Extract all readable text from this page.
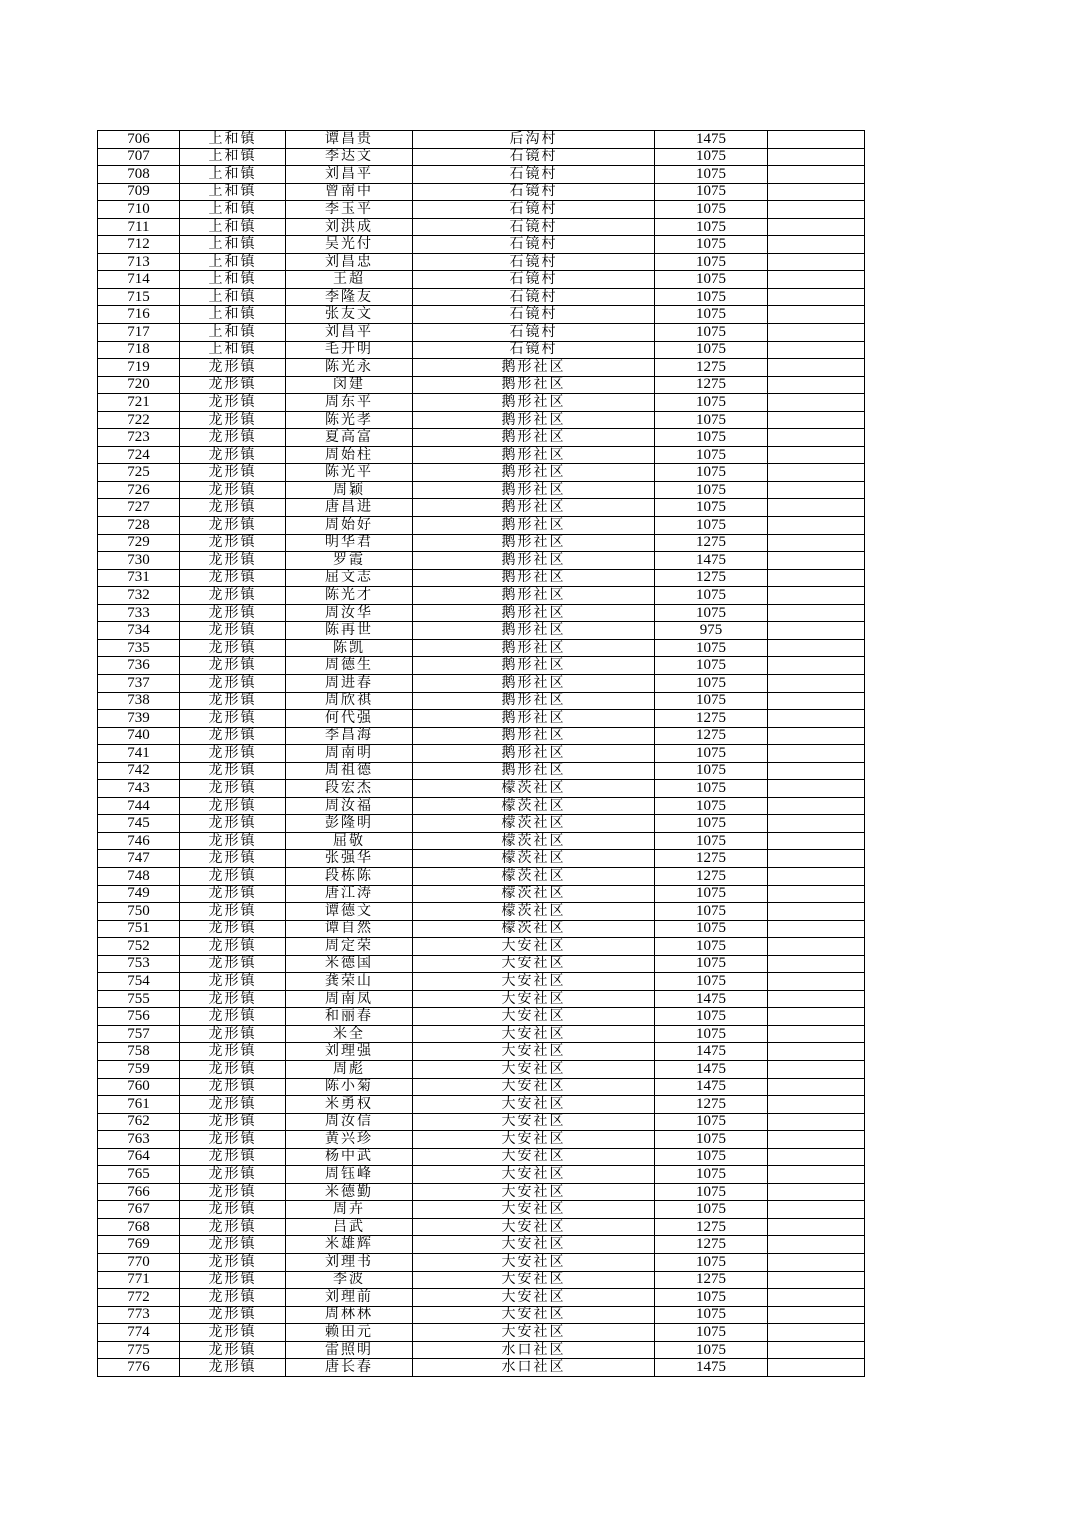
706	上和镇	谭昌贵	后沟村	1475	
707	上和镇	李达文	石镜村	1075	
708	上和镇	刘昌平	石镜村	1075	
709	上和镇	曾南中	石镜村	1075	
710	上和镇	李玉平	石镜村	1075	
711	上和镇	刘洪成	石镜村	1075	
712	上和镇	吴光付	石镜村	1075	
713	上和镇	刘昌忠	石镜村	1075	
714	上和镇	王超	石镜村	1075	
715	上和镇	李隆友	石镜村	1075	
716	上和镇	张友文	石镜村	1075	
717	上和镇	刘昌平	石镜村	1075	
718	上和镇	毛开明	石镜村	1075	
719	龙形镇	陈光永	鹅形社区	1275	
720	龙形镇	闵建	鹅形社区	1275	
721	龙形镇	周东平	鹅形社区	1075	
722	龙形镇	陈光孝	鹅形社区	1075	
723	龙形镇	夏高富	鹅形社区	1075	
724	龙形镇	周始柱	鹅形社区	1075	
725	龙形镇	陈光平	鹅形社区	1075	
726	龙形镇	周颖	鹅形社区	1075	
727	龙形镇	唐昌进	鹅形社区	1075	
728	龙形镇	周始好	鹅形社区	1075	
729	龙形镇	明华君	鹅形社区	1275	
730	龙形镇	罗霞	鹅形社区	1475	
731	龙形镇	屈文志	鹅形社区	1275	
732	龙形镇	陈光才	鹅形社区	1075	
733	龙形镇	周汝华	鹅形社区	1075	
734	龙形镇	陈再世	鹅形社区	975	
735	龙形镇	陈凯	鹅形社区	1075	
736	龙形镇	周德生	鹅形社区	1075	
737	龙形镇	周进春	鹅形社区	1075	
738	龙形镇	周欣祺	鹅形社区	1075	
739	龙形镇	何代强	鹅形社区	1275	
740	龙形镇	李昌海	鹅形社区	1275	
741	龙形镇	周南明	鹅形社区	1075	
742	龙形镇	周祖德	鹅形社区	1075	
743	龙形镇	段宏杰	檬茨社区	1075	
744	龙形镇	周汝福	檬茨社区	1075	
745	龙形镇	彭隆明	檬茨社区	1075	
746	龙形镇	屈敬	檬茨社区	1075	
747	龙形镇	张强华	檬茨社区	1275	
748	龙形镇	段栋陈	檬茨社区	1275	
749	龙形镇	唐江涛	檬茨社区	1075	
750	龙形镇	谭德文	檬茨社区	1075	
751	龙形镇	谭自然	檬茨社区	1075	
752	龙形镇	周定荣	大安社区	1075	
753	龙形镇	米德国	大安社区	1075	
754	龙形镇	龚荣山	大安社区	1075	
755	龙形镇	周南凤	大安社区	1475	
756	龙形镇	和丽春	大安社区	1075	
757	龙形镇	米全	大安社区	1075	
758	龙形镇	刘理强	大安社区	1475	
759	龙形镇	周彪	大安社区	1475	
760	龙形镇	陈小菊	大安社区	1475	
761	龙形镇	米勇权	大安社区	1275	
762	龙形镇	周汝信	大安社区	1075	
763	龙形镇	黄兴珍	大安社区	1075	
764	龙形镇	杨中武	大安社区	1075	
765	龙形镇	周钰峰	大安社区	1075	
766	龙形镇	米德勤	大安社区	1075	
767	龙形镇	周卉	大安社区	1075	
768	龙形镇	吕武	大安社区	1275	
769	龙形镇	米雄辉	大安社区	1275	
770	龙形镇	刘理书	大安社区	1075	
771	龙形镇	李波	大安社区	1275	
772	龙形镇	刘理前	大安社区	1075	
773	龙形镇	周林林	大安社区	1075	
774	龙形镇	赖田元	大安社区	1075	
775	龙形镇	雷照明	水口社区	1075	
776	龙形镇	唐长春	水口社区	1475	
